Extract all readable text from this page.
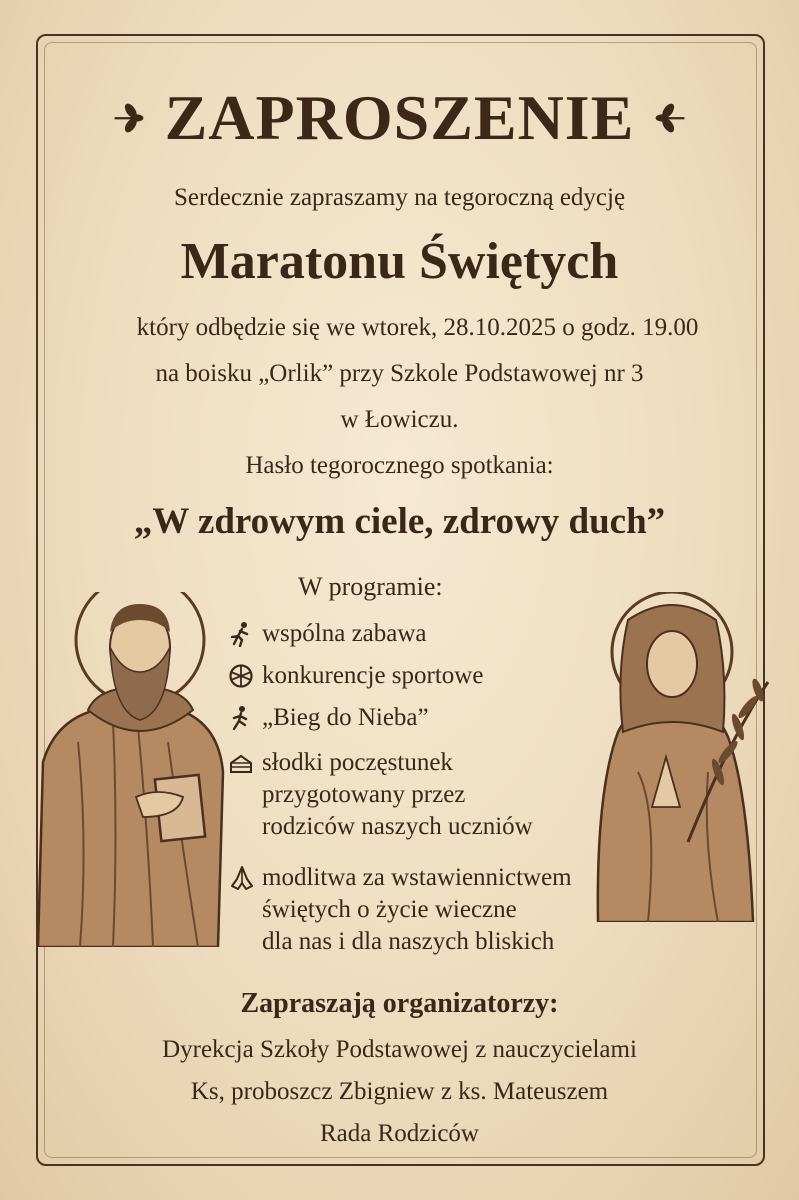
ZAPROSZENIE
Serdecznie zapraszamy na tegoroczną edycję
Maratonu Świętych
który odbędzie się we wtorek, 28.10.2025 o godz. 19.00
na boisku „Orlik” przy Szkole Podstawowej nr 3
w Łowiczu.
Hasło tegorocznego spotkania:
„W zdrowym ciele, zdrowy duch”
W programie:
wspólna zabawa
konkurencje sportowe
„Bieg do Nieba”
słodki poczęstunek
przygotowany przez
rodziców naszych uczniów
modlitwa za wstawiennictwem
świętych o życie wieczne
dla nas i dla naszych bliskich
Zapraszają organizatorzy:
Dyrekcja Szkoły Podstawowej z nauczycielami
Ks, proboszcz Zbigniew z ks. Mateuszem
Rada Rodziców
